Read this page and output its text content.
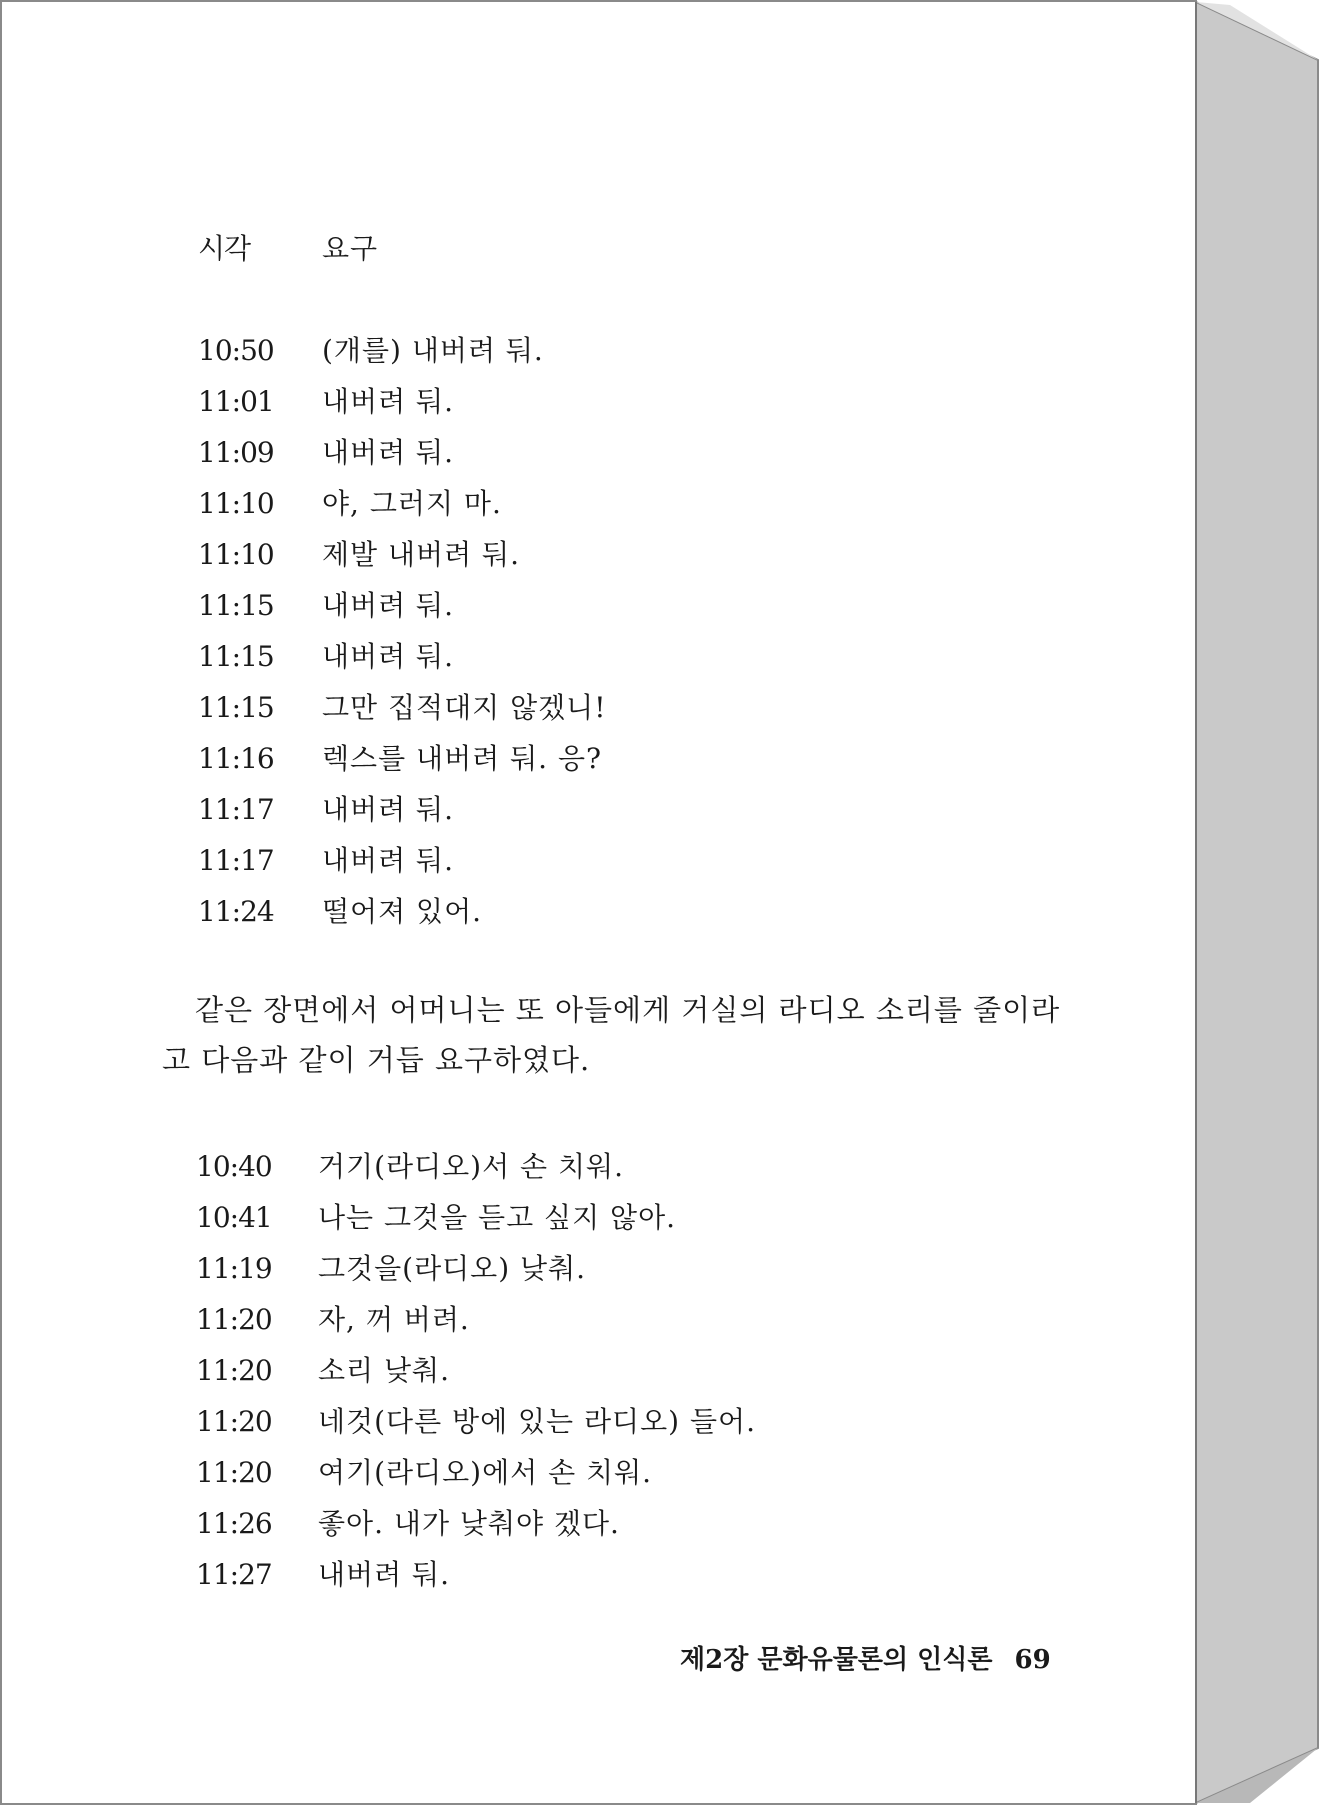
시각	요구
10:50 (개를) 내버려 둬.
11:01 내버려 둬.
11:09 내버려 둬.
11:10 야, 그러지 마.
11:10 제발 내버려 둬.
11:15 내버려 둬.
11:15 내버려 둬.
11:15 그만 집적대지 않겠니!
11:16 렉스를 내버려 둬. 응?
11:17 내버려 둬.
11:17 내버려 둬.
11:24 떨어져 있어.
같은 장면에서 어머니는 또 아들에게 거실의 라디오 소리를 줄이라
고 다음과 같이 거듭 요구하였다.
10:40 거기(라디오)서 손 치워.
10:41 나는 그것을 듣고 싶지 않아.
11:19 그것을(라디오) 낮춰.
11:20 자, 꺼 버려.
11:20 소리 낮춰.
11:20 네것(다른 방에 있는 라디오) 들어.
11:20 여기(라디오)에서 손 치워.
11:26 좋아. 내가 낮춰야 겠다.
11:27 내버려 둬.
제2장 문화유물론의 인식론 69
